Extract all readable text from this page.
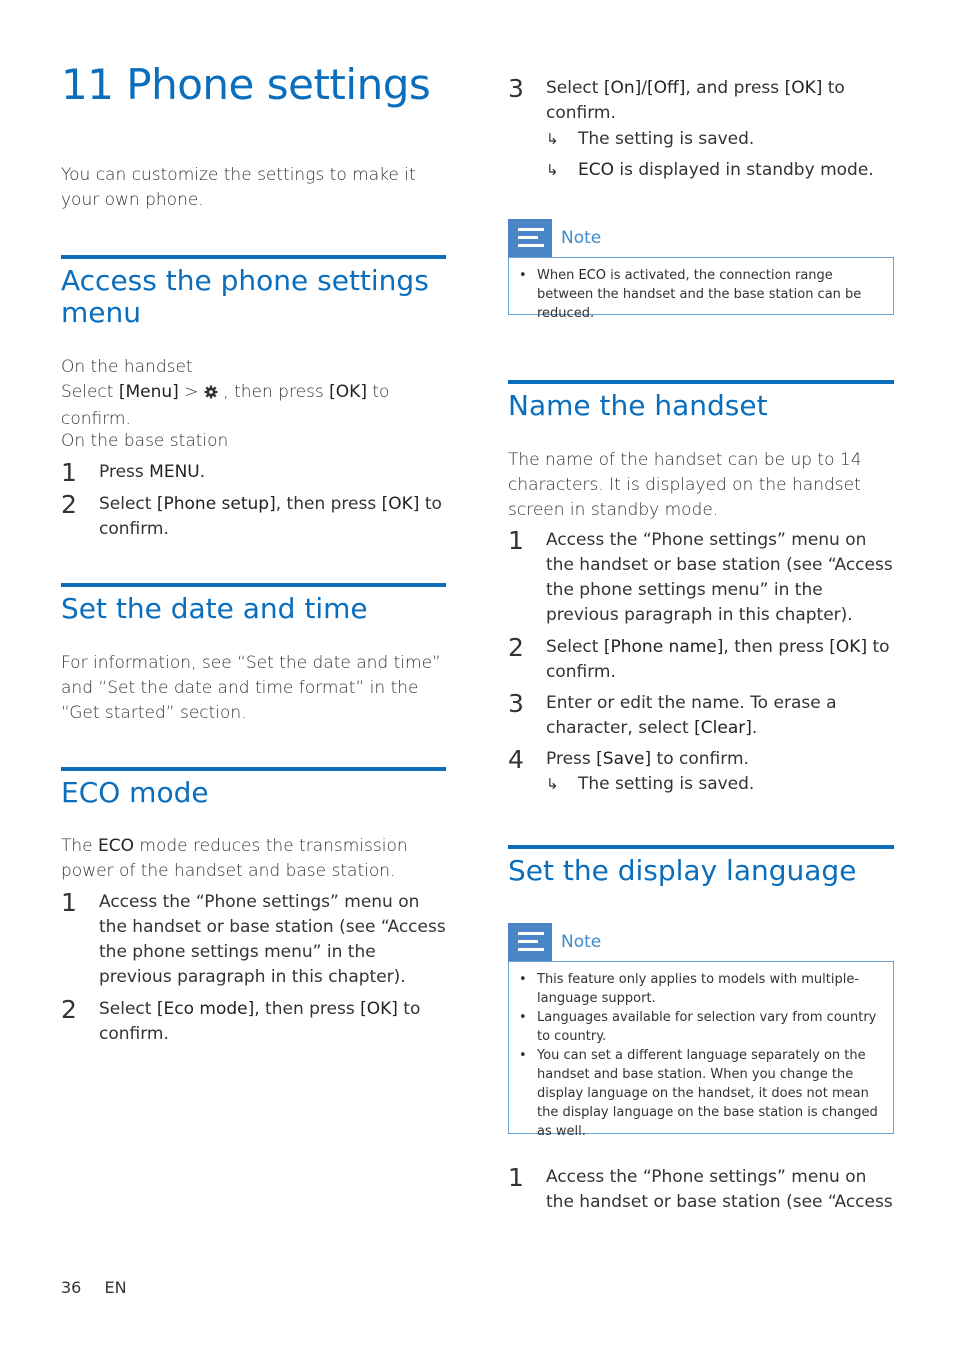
11 Phone settings

You can customize the settings to make it your own phone.

Access the phone settings menu

On the handset

Select [Menu] >  , then press [OK] to confirm.

On the base station

1	Press MENU.
2	Select [Phone setup], then press [OK] to confirm.
Set the date and time

For information, see “Set the date and time” and “Set the date and time format” in the “Get started” section.

ECO mode

The ECO mode reduces the transmission power of the handset and base station.

1	Access the “Phone settings” menu on the handset or base station (see “Access the phone settings menu” in the previous paragraph in this chapter).
2	Select [Eco mode], then press [OK] to confirm.
3	Select [On]/[Off], and press [OK] to confirm.
↳	The setting is saved.
↳	ECO is displayed in standby mode.
Note
• When ECO is activated, the connection range between the handset and the base station can be reduced.
Name the handset

The name of the handset can be up to 14 characters. It is displayed on the handset screen in standby mode.

1	Access the “Phone settings” menu on the handset or base station (see “Access the phone settings menu” in the previous paragraph in this chapter).
2	Select [Phone name], then press [OK] to confirm.
3	Enter or edit the name. To erase a character, select [Clear].
4	Press [Save] to confirm.
↳	The setting is saved.
Set the display language
Note
• This feature only applies to models with multiple-language support.
• Languages available for selection vary from country to country.
• You can set a different language separately on the handset and base station. When you change the display language on the handset, it does not mean the display language on the base station is changed as well.
1	Access the “Phone settings” menu on the handset or base station (see “Access
36 EN
